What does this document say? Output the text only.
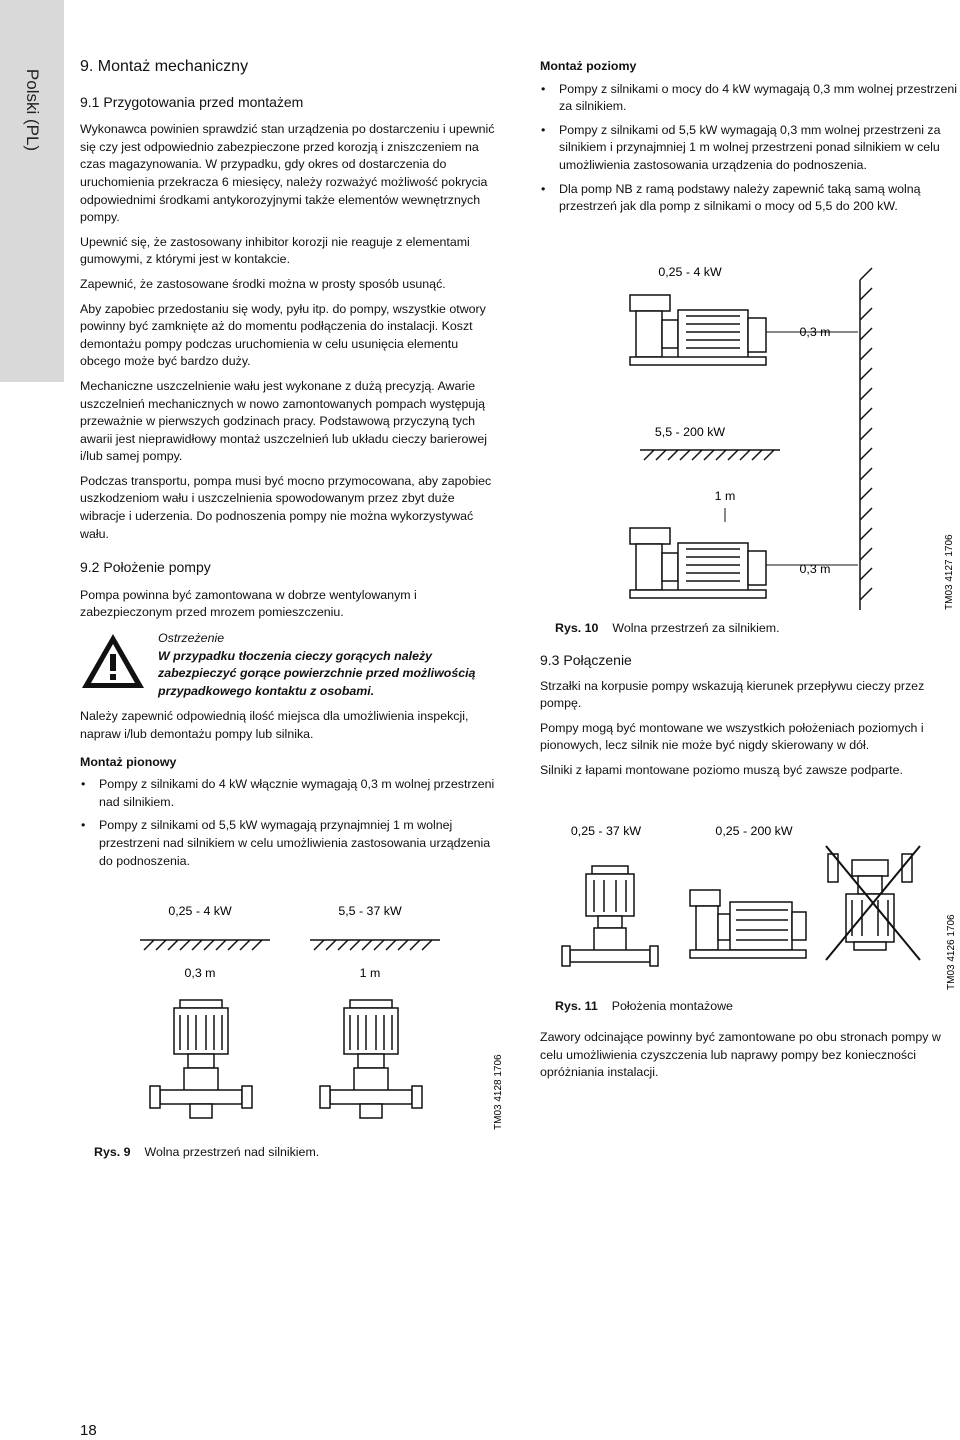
Polski (PL)
9. Montaż mechaniczny
9.1 Przygotowania przed montażem

Wykonawca powinien sprawdzić stan urządzenia po dostarczeniu i upewnić się czy jest odpowiednio zabezpieczone przed korozją i zniszczeniem na czas magazynowania. W przypadku, gdy okres od dostarczenia do uruchomienia przekracza 6 miesięcy, należy rozważyć możliwość pokrycia odpowiednimi środkami antykorozyjnymi także elementów wewnętrznych pompy.

Upewnić się, że zastosowany inhibitor korozji nie reaguje z elementami gumowymi, z którymi jest w kontakcie.

Zapewnić, że zastosowane środki można w prosty sposób usunąć.

Aby zapobiec przedostaniu się wody, pyłu itp. do pompy, wszystkie otwory powinny być zamknięte aż do momentu podłączenia do instalacji. Koszt demontażu pompy podczas uruchomienia w celu usunięcia elementu obcego może być bardzo duży.

Mechaniczne uszczelnienie wału jest wykonane z dużą precyzją. Awarie uszczelnień mechanicznych w nowo zamontowanych pompach występują przeważnie w pierwszych godzinach pracy. Podstawową przyczyną tych awarii jest nieprawidłowy montaż uszczelnień lub układu cieczy barierowej i/lub samej pompy.

Podczas transportu, pompa musi być mocno przymocowana, aby zapobiec uszkodzeniom wału i uszczelnienia spowodowanym przez zbyt duże wibracje i uderzenia. Do podnoszenia pompy nie można wykorzystywać wału.

9.2 Położenie pompy

Pompa powinna być zamontowana w dobrze wentylowanym i zabezpieczonym przed mrozem pomieszczeniu.

Ostrzeżenie
W przypadku tłoczenia cieczy gorących należy zabezpieczyć gorące powierzchnie przed możliwością przypadkowego kontaktu z osobami.

Należy zapewnić odpowiednią ilość miejsca dla umożliwienia inspekcji, napraw i/lub demontażu pompy lub silnika.

Montaż pionowy
• Pompy z silnikami do 4 kW włącznie wymagają 0,3 m wolnej przestrzeni nad silnikiem.
• Pompy z silnikami od 5,5 kW wymagają przynajmniej 1 m wolnej przestrzeni nad silnikiem w celu umożliwienia zastosowania urządzenia do podnoszenia.
Montaż poziomy
• Pompy z silnikami o mocy do 4 kW wymagają 0,3 mm wolnej przestrzeni za silnikiem.
• Pompy z silnikami od 5,5 kW wymagają 0,3 mm wolnej przestrzeni za silnikiem i przynajmniej 1 m wolnej przestrzeni ponad silnikiem w celu umożliwienia zastosowania urządzenia do podnoszenia.
• Dla pomp NB z ramą podstawy należy zapewnić taką samą wolną przestrzeń jak dla pomp z silnikami o mocy od 5,5 do 200 kW.
9.3 Połączenie

Strzałki na korpusie pompy wskazują kierunek przepływu cieczy przez pompę.

Pompy mogą być montowane we wszystkich położeniach poziomych i pionowych, lecz silnik nie może być nigdy skierowany w dół.

Silniki z łapami montowane poziomo muszą być zawsze podparte.

Zawory odcinające powinny być zamontowane po obu stronach pompy w celu umożliwienia czyszczenia lub naprawy pompy bez konieczności opróżniania instalacji.

0,25 - 4 kW	5,5 - 37 kW
0,3 m	1 m
TM03 4128 1706
Rys. 9 Wolna przestrzeń nad silnikiem.
0,25 - 4 kW
0,3 m
5,5 - 200 kW
1 m
0,3 m	TM03 4127 1706
Rys. 10 Wolna przestrzeń za silnikiem.
0,25 - 37 kW	0,25 - 200 kW
TM03 4126 1706
Rys. 11 Położenia montażowe
18
